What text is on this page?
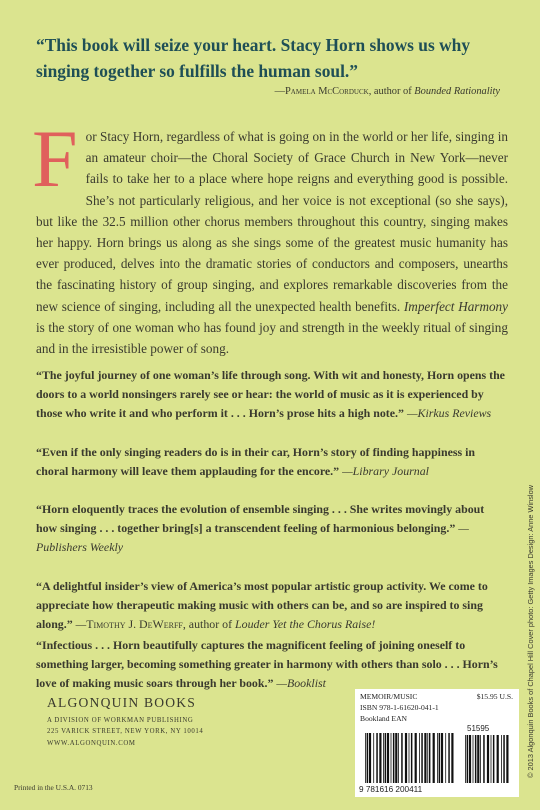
“This book will seize your heart. Stacy Horn shows us why singing together so fulfills the human soul.”
—Pamela McCorduck, author of Bounded Rationality
For Stacy Horn, regardless of what is going on in the world or her life, singing in an amateur choir—the Choral Society of Grace Church in New York—never fails to take her to a place where hope reigns and everything good is possible. She’s not particularly religious, and her voice is not exceptional (so she says), but like the 32.5 million other chorus members throughout this country, singing makes her happy. Horn brings us along as she sings some of the greatest music humanity has ever produced, delves into the dramatic stories of conductors and composers, unearths the fascinating history of group singing, and explores remarkable discoveries from the new science of singing, including all the unexpected health benefits. Imperfect Harmony is the story of one woman who has found joy and strength in the weekly ritual of singing and in the irresistible power of song.
“The joyful journey of one woman’s life through song. With wit and honesty, Horn opens the doors to a world nonsingers rarely see or hear: the world of music as it is experienced by those who write it and who perform it . . . Horn’s prose hits a high note.” —Kirkus Reviews
“Even if the only singing readers do is in their car, Horn’s story of finding happiness in choral harmony will leave them applauding for the encore.” —Library Journal
“Horn eloquently traces the evolution of ensemble singing . . . She writes movingly about how singing . . . together bring[s] a transcendent feeling of harmonious belonging.” —Publishers Weekly
“A delightful insider’s view of America’s most popular artistic group activity. We come to appreciate how therapeutic making music with others can be, and so are inspired to sing along.” —Timothy J. DeWerff, author of Louder Yet the Chorus Raise!
“Infectious . . . Horn beautifully captures the magnificent feeling of joining oneself to something larger, becoming something greater in harmony with others than solo . . . Horn’s love of making music soars through her book.” —Booklist	© 2013 Algonquin Books of Chapel Hill Cover photo: Getty Images Design: Anne Winslow
ALGONQUIN BOOKS
A DIVISION OF WORKMAN PUBLISHING
225 VARICK STREET, NEW YORK, NY 10014
WWW.ALGONQUIN.COM
Printed in the U.S.A. 0713
MEMOIR/MUSIC	$15.95 U.S.
ISBN 978-1-61620-041-1
Bookland EAN
51595
9 781616 200411
